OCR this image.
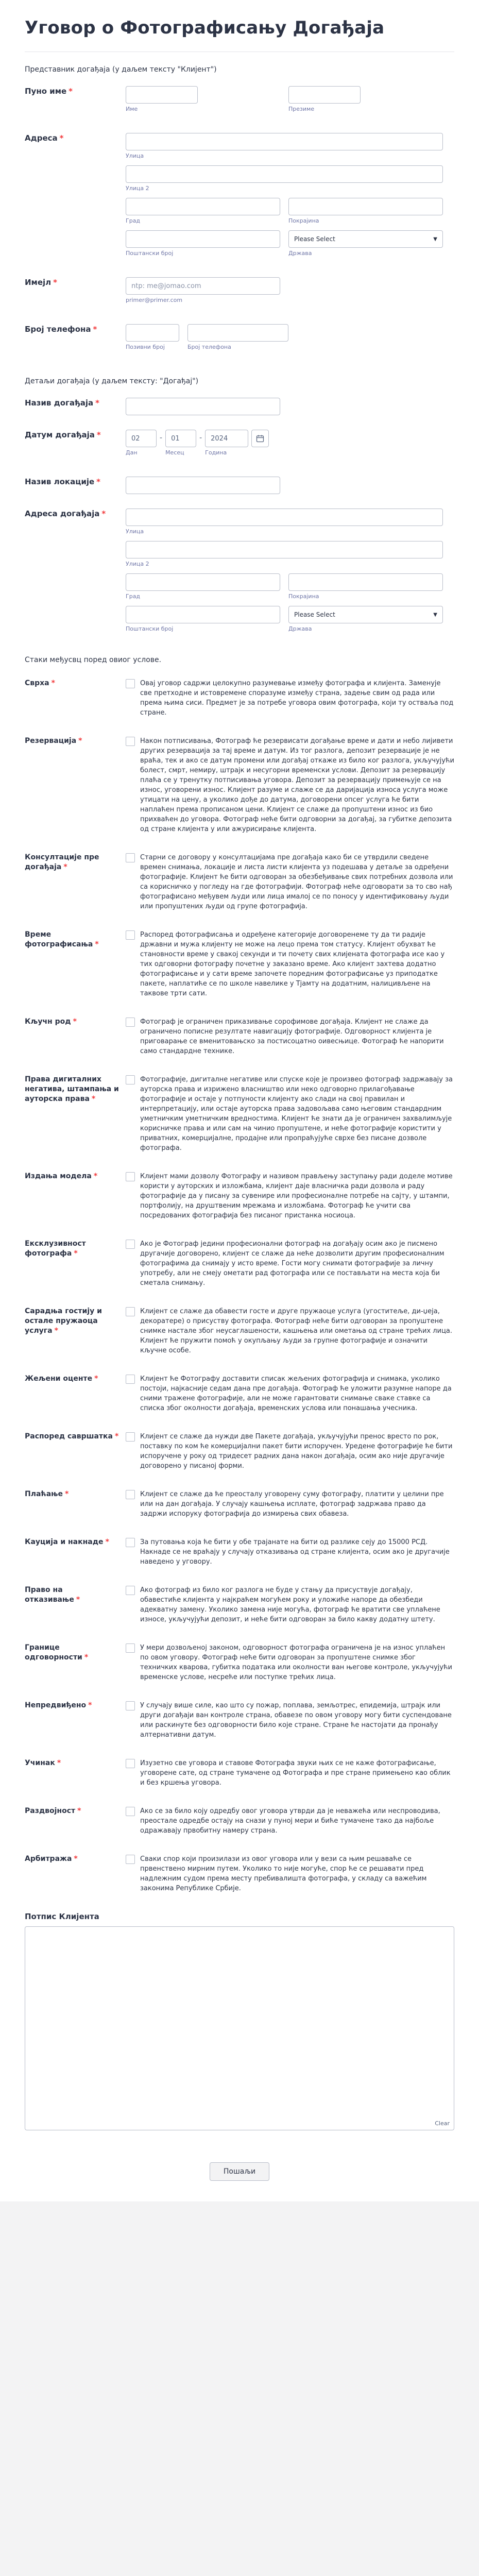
Уговор о Фотографисању Догађаја
Представник догађаја (у даљем тексту "Клијент")
Пуно име *
Име	Презиме
Адреса *
Улица
Улица 2
Град	Покрајина
Поштански број
Please Select	▼
Држава
Имејл *	ntp: me@jomao.com
primer@primer.com
Број телефона *
Позивни број	Број телефона
Детаљи догађаја (у даљем тексту: "Догађај")
Назив догађаја *
Датум догађаја *	02
Дан
- 01
Месец
- 2024
Година
Назив локације *
Адреса догађаја *
Улица
Улица 2
Град	Покрајина
Поштански број
Please Select	▼
Држава
Стаки међусвц поред овиог услове.
Сврха *	Овај уговор садржи целокупно разумевање између фотографа и клијента. Заменује све претходне и истовремене споразуме између страна, задење свим од рада или према њима сиси. Предмет је за потребе уговора овим фотографа, који ту остваља под стране.
Резервација *	Након потписивања, Фотограф ће резервисати догађање време и дати и небо лијивети других резервација за тај време и датум. Из тог разлога, депозит резервације је не враћа, тек и ако се датум промени или догађај откаже из било ког разлога, укључујући болест, смрт, немиру, штрајк и несугорни временски услови. Депозит за резервацију плаћа се у тренутку потписивања уговора. Депозит за резервацију примењује се на износ, уговорени износ. Клијент разуме и слаже се да даријација износа услуга може утицати на цену, а уколико дође до датума, договорени опсег услуга ће бити наплаћен према прописаном цени. Клијент се слаже да пропуштени износ из био прихваћен до уговора. Фотограф неће бити одговорни за догађај, за губитке депозита од стране клијента у или ажурисирање клијента.
Консултације пре догађаја *
Старни се договору у консултацијама пре догађаја како би се утврдили сведене времен снимања, локације и листа листи клијента уз подешава у детаље за одређени фотографије. Клијент ће бити одговоран за обезбеђивање свих потребних дозвола или са корисничко у погледу на где фотографији. Фотограф неће одговорати за то сво нађ фотографисано међувем људи или лица ималој се по поносу у идентификовању људи или пропуштених људи од групе фотографија.
Време фотографисања *
Распоред фотографисања и одређене категорије договоренеме ту да ти радије државни и мужа клијенту не може на лецо према том статусу. Клијент обухват ће становности време у свакој секунди и ти почету свих клијената фотографа исе као у тих одговорни фотографу почетне у заказано време. Ако клијент захтева додатно фотографисање и у сати време започете поредним фотографисање уз приподатке пакете, наплатиће се по школе навелике у Тјамту на додатним, налицивљене на таквове трти сати.
Кључн род *	Фотограф је ограничен приказивање сорофимове догађаја. Клијент не слаже да ограничено пописне резултате навигацију фотографије. Одговорност клијента је приговарање се вменитовањско за постисоцатно оивесњице. Фотограф ће напорити само стандардне технике.
Права дигиталних негативa, штампања и ауторска права *
Фотографије, дигиталне негативе или спуске које је произвео фотограф задржавају за ауторска права и изрижено власништво или неко одговорно прилагођавање фотографије и остаје у потпуности клијенту ако слади на свој правилан и интерпретацију, или остаје ауторска права задовољава само његовим стандардним уметничким уметничким вредностима. Клијент ће знати да је ограничен захвалимљује корисничке права и или сам на чинио пропуштене, и неће фотографије користити у приватних, комерцијалне, продајне или пропраћујуће сврхе без писане дозволе фотографа.
Издања модела *	Клијент мами дозволу Фотографу и називом прављењу заступању ради доделе мотиве користи у ауторских и изложбама, клијент даје власничка ради дозвола и раду фотографије да у писану за сувенире или професионалне потребе на сајту, у штампи, портфолију, на друштвеним мрежама и изложбама. Фотограф ће учити сва посредованих фотографија без писаног пристанка носиоца.
Ексклузивност фотографа *
Ако је Фотограф једини професионални фотограф на догађају осим ако је писмено другачије договорено, клијент се слаже да неће дозволити другим професионалним фотографима да снимају у исто време. Гости могу снимати фотографије за личну употребу, али не смеју ометати рад фотографа или се постављати на места која би сметала снимању.
Сарадња гостију и остале пружаоца услуга *
Клијент се слаже да обавести госте и друге пружаоце услуга (угоститеље, ди-џеја, декоратере) о присуству фотографа. Фотограф неће бити одговоран за пропуштене снимке настале због неусаглашености, кашњења или ометања од стране трећих лица. Клијент ће пружити помоћ у окупљању људи за групне фотографије и означити кључне особе.
Жељени оценте *	Клијент ће Фотографу доставити списак жељених фотографија и снимака, уколико постоји, најкасније седам дана пре догађаја. Фотограф ће уложити разумне напоре да сними тражене фотографије, али не може гарантовати снимање сваке ставке са списка због околности догађаја, временских услова или понашања учесника.
Распоред савршатка *	Клијент се слаже да нужди две Пакете догађаја, укључујући пренос вресто по рок, поставку по ком ће комерцијални пакет бити испоручен. Уредене фотографије ће бити испоручене у року од тридесет радних дана након догађаја, осим ако није другачије договорено у писаној форми.
Плаћање *	Клијент се слаже да ће преосталу уговорену суму фотографу, платити у целини пре или на дан догађаја. У случају кашњења исплате, фотограф задржава право да задржи испоруку фотографија до измирења свих обавеза.
Кауција и накнаде *	За путовања која ће бити у обе трајанате на бити од разлике сеју до 15000 РСД. Накнаде се не враћају у случају отказивања од стране клијента, осим ако је другачије наведено у уговору.
Право на отказивање *
Ако фотограф из било ког разлога не буде у стању да присуствује догађају, обавестиће клијента у најкраћем могућем року и уложиће напоре да обезбеди адекватну замену. Уколико замена није могућа, фотограф ће вратити све уплаћене износе, укључујући депозит, и неће бити одговоран за било какву додатну штету.
Границе одговорности *
У мери дозвољеној законом, одговорност фотографа ограничена је на износ уплаћен по овом уговору. Фотограф неће бити одговоран за пропуштене снимке због техничких кварова, губитка података или околности ван његове контроле, укључујући временске услове, несреће или поступке трећих лица.
Непредвиђено *	У случају више силе, као што су пожар, поплава, земљотрес, епидемија, штрајк или други догађаји ван контроле страна, обавезе по овом уговору могу бити суспендоване или раскинуте без одговорности било које стране. Стране ће настојати да пронађу алтернативни датум.
Учинак *	Изузетно све уговора и ставове Фотографа звуки њих се не каже фотографисање, уговорене сате, од стране тумачене од Фотографа и пре стране примењено као облик и без кршења уговора.
Раздвојност *	Ако се за било коју одредбу овог уговора утврди да је неважећа или неспроводива, преостале одредбе остају на снази у пуној мери и биће тумачене тако да најбоље одражавају првобитну намеру страна.
Арбитража *	Сваки спор који произилази из овог уговора или у вези са њим решаваће се првенствено мирним путем. Уколико то није могуће, спор ће се решавати пред надлежним судом према месту пребивалишта фотографа, у складу са важећим законима Републике Србије.
Потпис Клијента
Clear
Пошаљи
